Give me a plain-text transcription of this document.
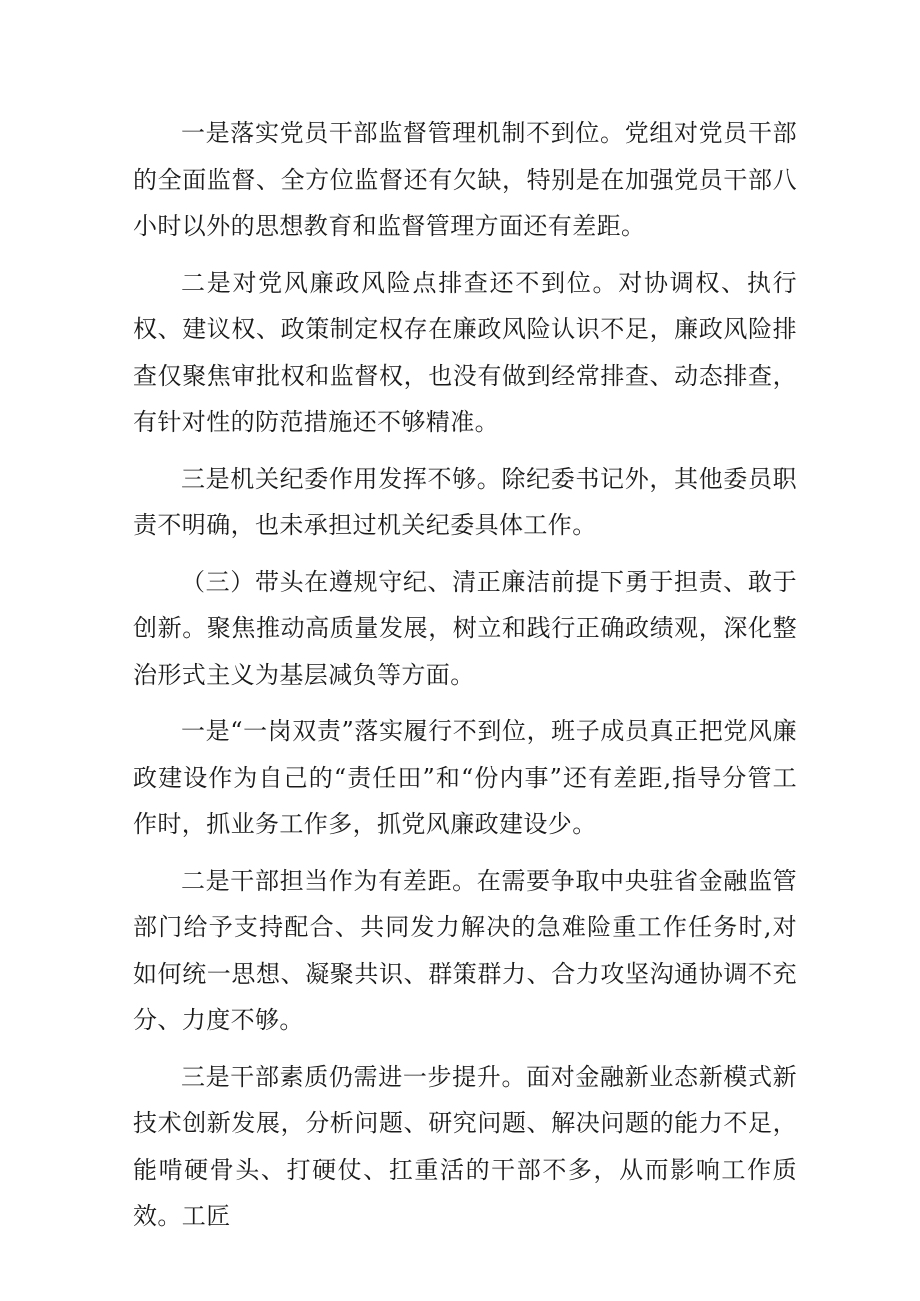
一是落实党员干部监督管理机制不到位。党组对党员干部的全面监督、全方位监督还有欠缺，特别是在加强党员干部八小时以外的思想教育和监督管理方面还有差距。

二是对党风廉政风险点排查还不到位。对协调权、执行权、建议权、政策制定权存在廉政风险认识不足，廉政风险排查仅聚焦审批权和监督权，也没有做到经常排查、动态排查，有针对性的防范措施还不够精准。

三是机关纪委作用发挥不够。除纪委书记外，其他委员职责不明确，也未承担过机关纪委具体工作。

（三）带头在遵规守纪、清正廉洁前提下勇于担责、敢于创新。聚焦推动高质量发展，树立和践行正确政绩观，深化整治形式主义为基层减负等方面。

一是“一岗双责”落实履行不到位，班子成员真正把党风廉政建设作为自己的“责任田”和“份内事”还有差距,指导分管工作时，抓业务工作多，抓党风廉政建设少。

二是干部担当作为有差距。在需要争取中央驻省金融监管部门给予支持配合、共同发力解决的急难险重工作任务时,对如何统一思想、凝聚共识、群策群力、合力攻坚沟通协调不充分、力度不够。

三是干部素质仍需进一步提升。面对金融新业态新模式新技术创新发展，分析问题、研究问题、解决问题的能力不足，能啃硬骨头、打硬仗、扛重活的干部不多，从而影响工作质效。工匠
